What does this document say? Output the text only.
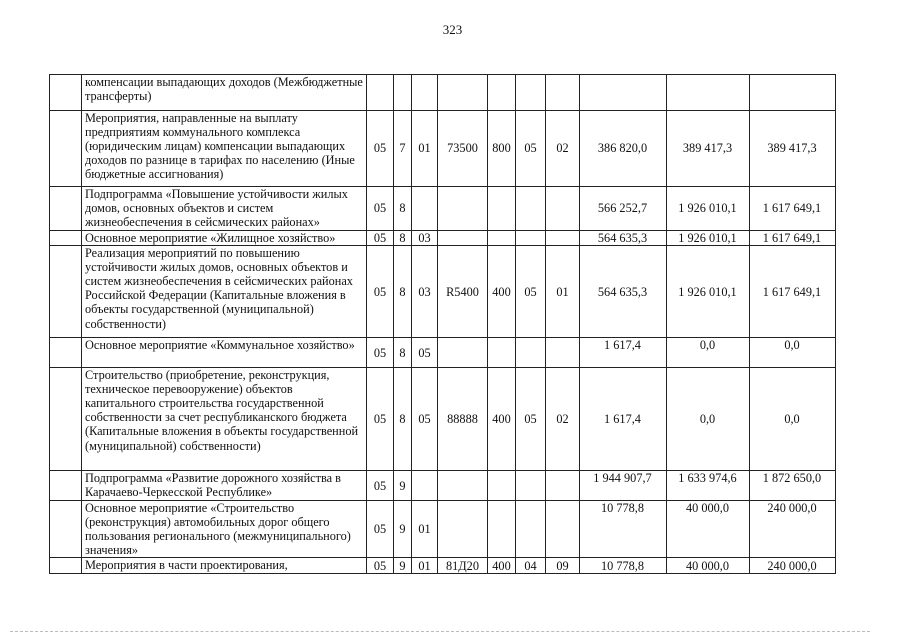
323
	компенсации выпадающих доходов (Межбюджетные трансферты)										
	Мероприятия, направленные на выплату предприятиям коммунального комплекса (юридическим лицам) компенсации выпадающих доходов по разнице в тарифах по населению (Иные бюджетные ассигнования)	05	7	01	73500	800	05	02	386 820,0	389 417,3	389 417,3
	Подпрограмма «Повышение устойчивости жилых домов, основных объектов и систем жизнеобеспечения в сейсмических районах»	05	8						566 252,7	1 926 010,1	1 617 649,1
	Основное мероприятие «Жилищное хозяйство»	05	8	03					564 635,3	1 926 010,1	1 617 649,1
	Реализация мероприятий по повышению устойчивости жилых домов, основных объектов и систем жизнеобеспечения в сейсмических районах Российской Федерации (Капитальные вложения в объекты государственной (муниципальной) собственности)	05	8	03	R5400	400	05	01	564 635,3	1 926 010,1	1 617 649,1
	Основное мероприятие «Коммунальное хозяйство»	05	8	05					1 617,4	0,0	0,0
	Строительство (приобретение, реконструкция, техническое перевооружение) объектов капитального строительства государственной собственности за счет республиканского бюджета (Капитальные вложения в объекты государственной (муниципальной) собственности)	05	8	05	88888	400	05	02	1 617,4	0,0	0,0
	Подпрограмма «Развитие дорожного хозяйства в Карачаево-Черкесской Республике»	05	9						1 944 907,7	1 633 974,6	1 872 650,0
	Основное мероприятие «Строительство (реконструкция) автомобильных дорог общего пользования регионального (межмуниципального) значения»	05	9	01					10 778,8	40 000,0	240 000,0
	Мероприятия в части проектирования,	05	9	01	81Д20	400	04	09	10 778,8	40 000,0	240 000,0
